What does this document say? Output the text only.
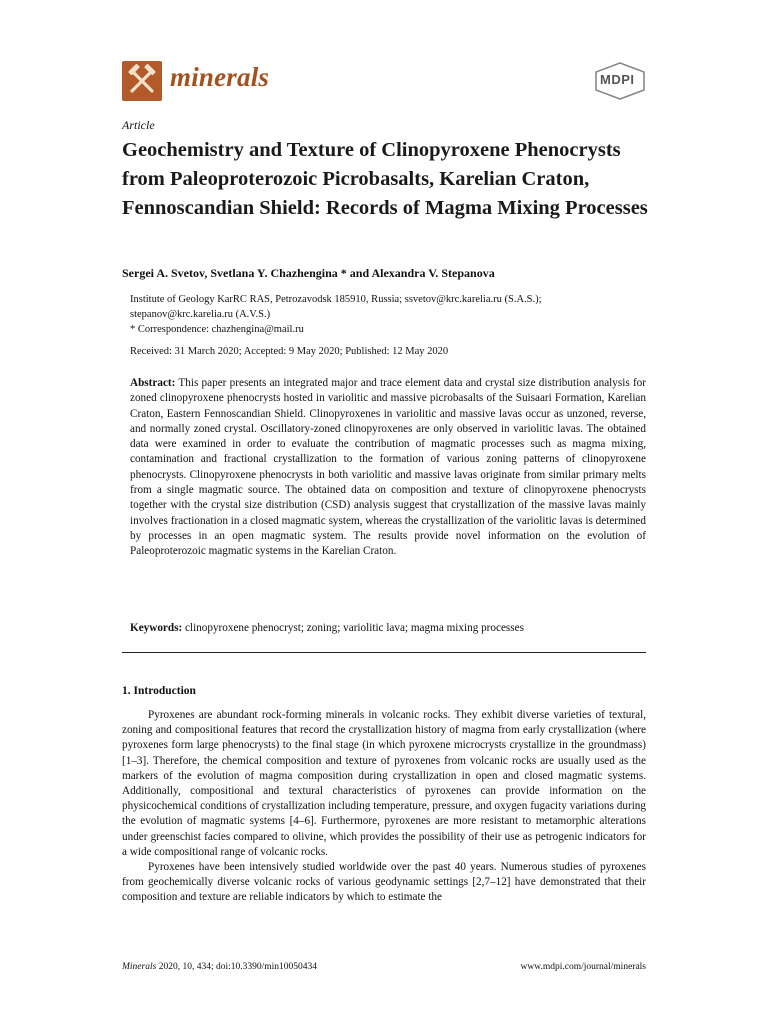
minerals	MDPI
Article
Geochemistry and Texture of Clinopyroxene Phenocrysts from Paleoproterozoic Picrobasalts, Karelian Craton, Fennoscandian Shield: Records of Magma Mixing Processes
Sergei A. Svetov, Svetlana Y. Chazhengina * and Alexandra V. Stepanova
Institute of Geology KarRC RAS, Petrozavodsk 185910, Russia; ssvetov@krc.karelia.ru (S.A.S.);
stepanov@krc.karelia.ru (A.V.S.)
* Correspondence: chazhengina@mail.ru
Received: 31 March 2020; Accepted: 9 May 2020; Published: 12 May 2020
Abstract: This paper presents an integrated major and trace element data and crystal size distribution analysis for zoned clinopyroxene phenocrysts hosted in variolitic and massive picrobasalts of the Suisaari Formation, Karelian Craton, Eastern Fennoscandian Shield. Clinopyroxenes in variolitic and massive lavas occur as unzoned, reverse, and normally zoned crystal. Oscillatory-zoned clinopyroxenes are only observed in variolitic lavas. The obtained data were examined in order to evaluate the contribution of magmatic processes such as magma mixing, contamination and fractional crystallization to the formation of various zoning patterns of clinopyroxene phenocrysts. Clinopyroxene phenocrysts in both variolitic and massive lavas originate from similar primary melts from a single magmatic source. The obtained data on composition and texture of clinopyroxene phenocrysts together with the crystal size distribution (CSD) analysis suggest that crystallization of the massive lavas mainly involves fractionation in a closed magmatic system, whereas the crystallization of the variolitic lavas is determined by processes in an open magmatic system. The results provide novel information on the evolution of Paleoproterozoic magmatic systems in the Karelian Craton.
Keywords: clinopyroxene phenocryst; zoning; variolitic lava; magma mixing processes
1. Introduction

Pyroxenes are abundant rock-forming minerals in volcanic rocks. They exhibit diverse varieties of textural, zoning and compositional features that record the crystallization history of magma from early crystallization (where pyroxenes form large phenocrysts) to the final stage (in which pyroxene microcrysts crystallize in the groundmass) [1–3]. Therefore, the chemical composition and texture of pyroxenes from volcanic rocks are usually used as the markers of the evolution of magma composition during crystallization in open and closed magmatic systems. Additionally, compositional and textural characteristics of pyroxenes can provide information on the physicochemical conditions of crystallization including temperature, pressure, and oxygen fugacity variations during the evolution of magmatic systems [4–6]. Furthermore, pyroxenes are more resistant to metamorphic alterations under greenschist facies compared to olivine, which provides the possibility of their use as petrogenic indicators for a wide compositional range of volcanic rocks.

Pyroxenes have been intensively studied worldwide over the past 40 years. Numerous studies of pyroxenes from geochemically diverse volcanic rocks of various geodynamic settings [2,7–12] have demonstrated that their composition and texture are reliable indicators by which to estimate the

Minerals 2020, 10, 434; doi:10.3390/min10050434	www.mdpi.com/journal/minerals
